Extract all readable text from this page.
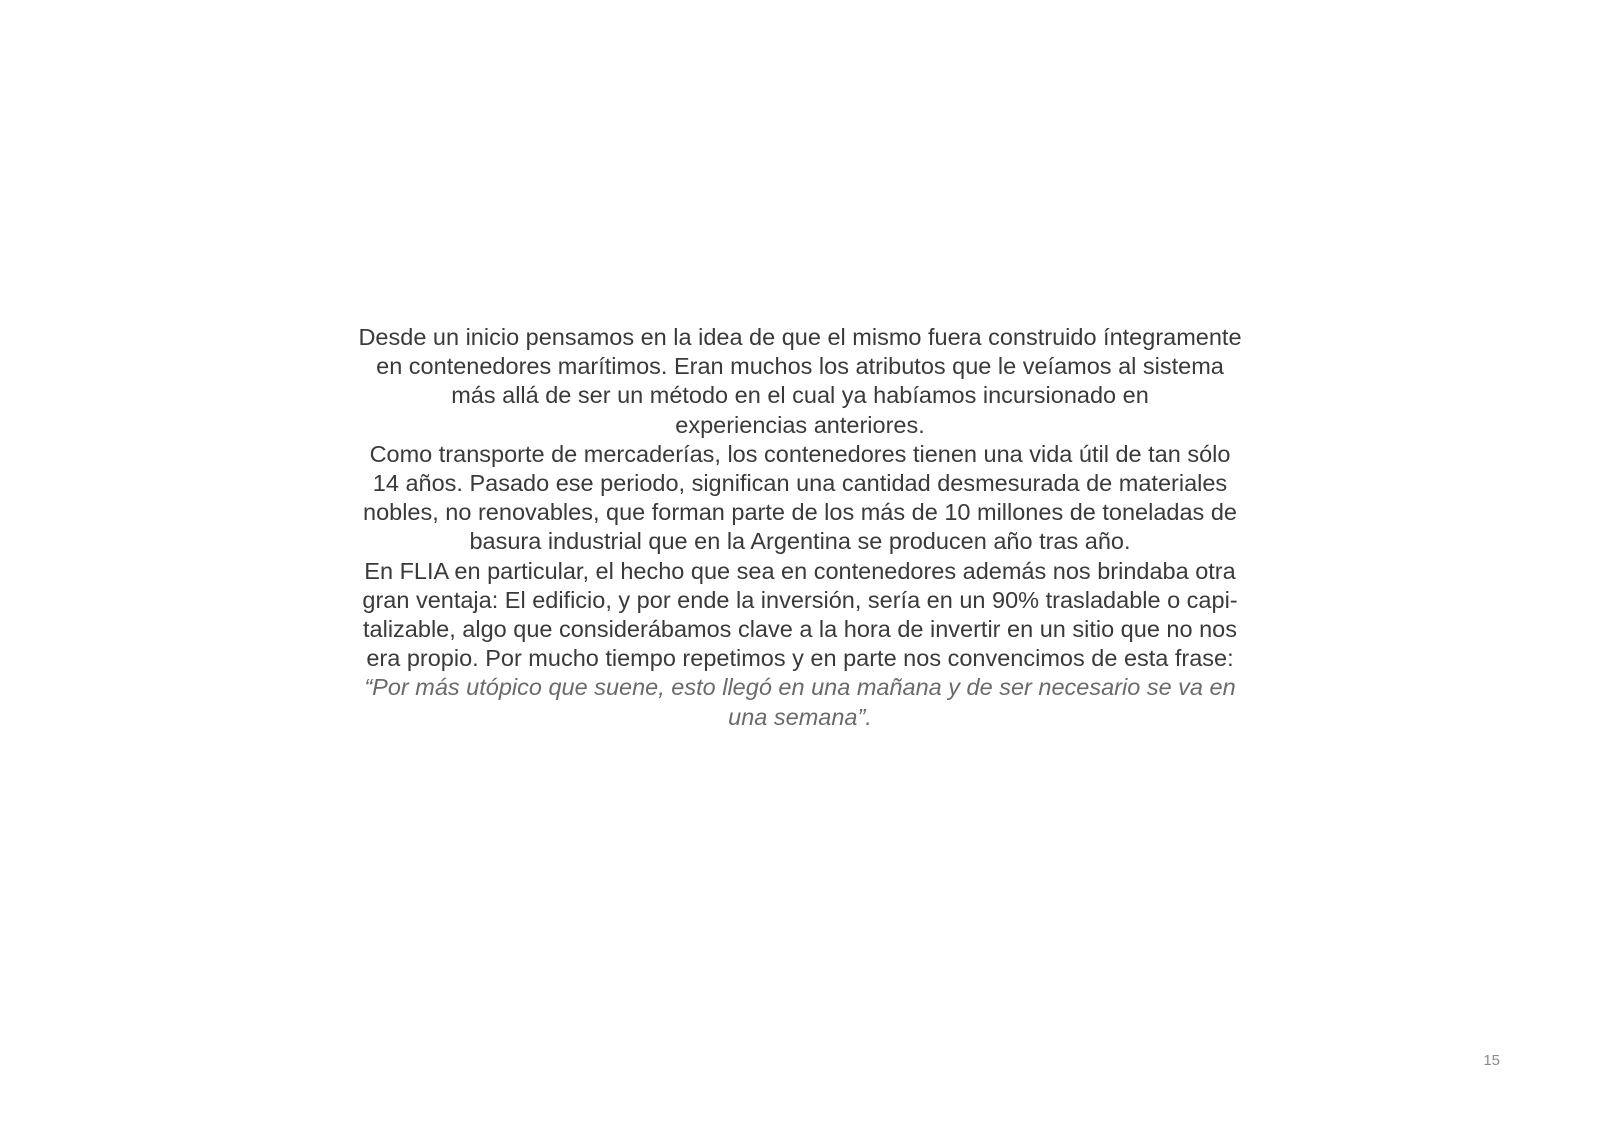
Desde un inicio pensamos en la idea de que el mismo fuera construido íntegramente
en contenedores marítimos. Eran muchos los atributos que le veíamos al sistema
más allá de ser un método en el cual ya habíamos incursionado en
experiencias anteriores.
Como transporte de mercaderías, los contenedores tienen una vida útil de tan sólo
14 años. Pasado ese periodo, significan una cantidad desmesurada de materiales
nobles, no renovables, que forman parte de los más de 10 millones de toneladas de
basura industrial que en la Argentina se producen año tras año.
En FLIA en particular, el hecho que sea en contenedores además nos brindaba otra
gran ventaja: El edificio, y por ende la inversión, sería en un 90% trasladable o capi-
talizable, algo que considerábamos clave a la hora de invertir en un sitio que no nos
era propio. Por mucho tiempo repetimos y en parte nos convencimos de esta frase:
“Por más utópico que suene, esto llegó en una mañana y de ser necesario se va en
una semana”.
15
